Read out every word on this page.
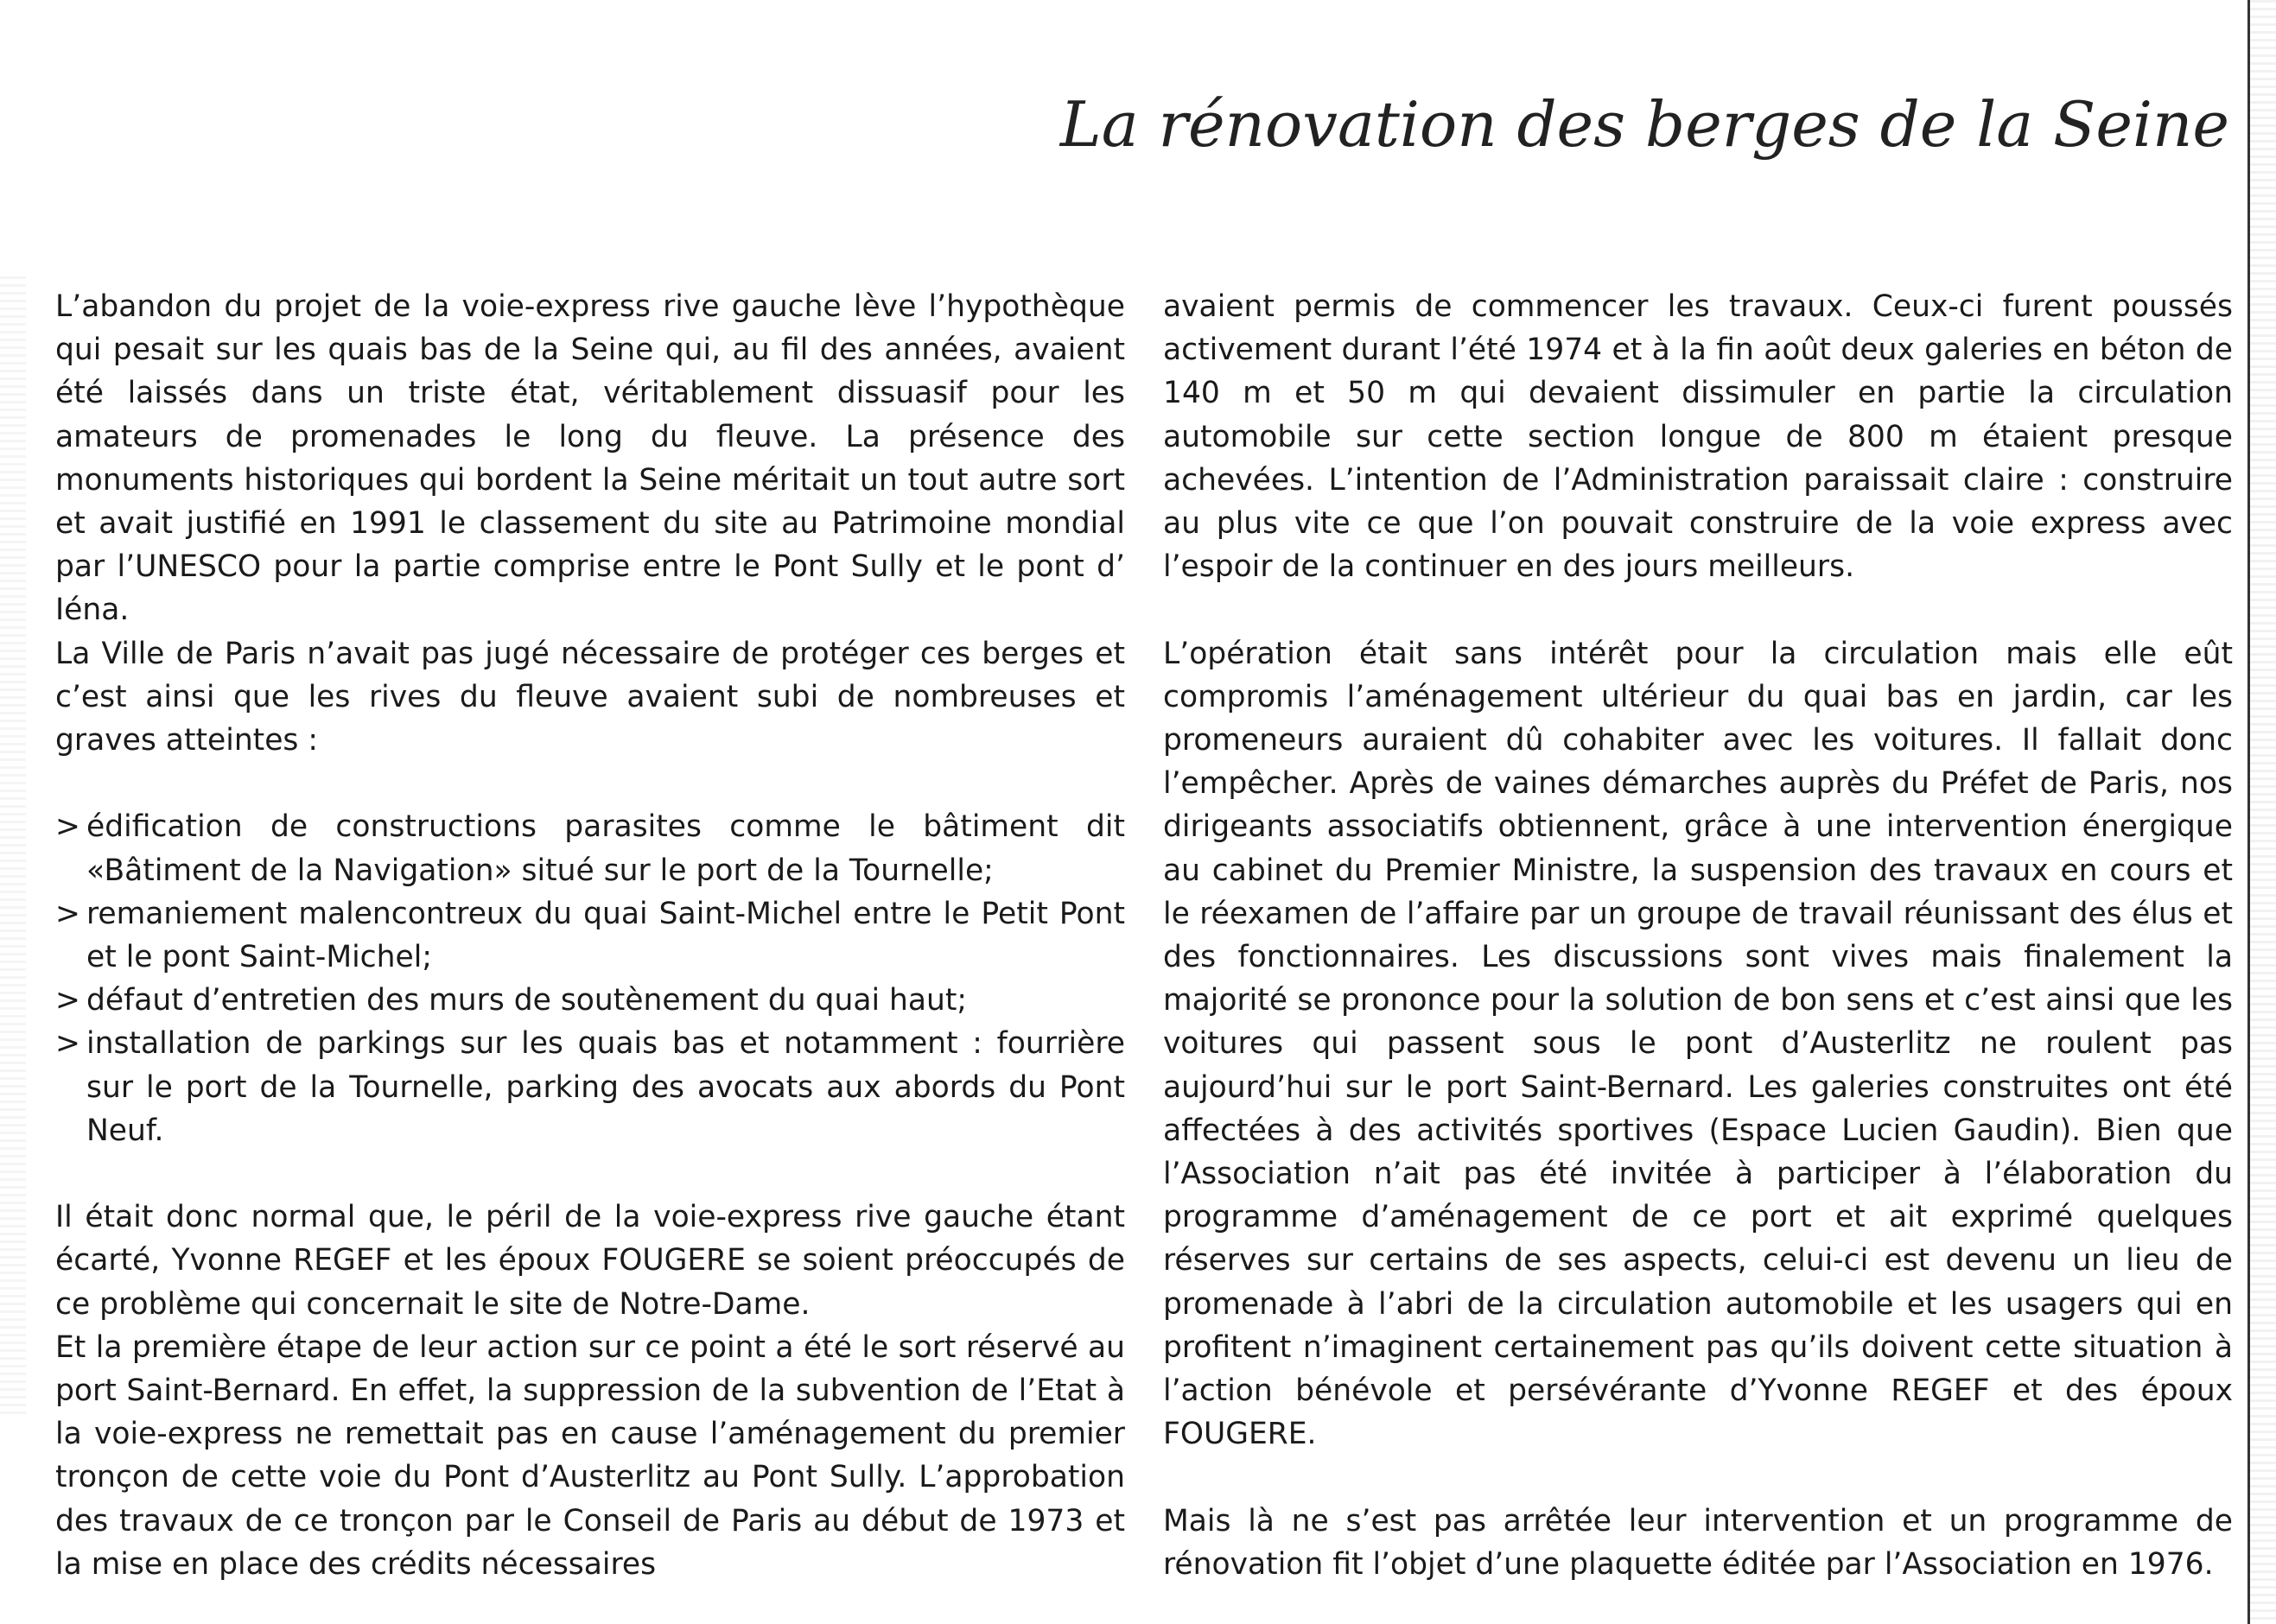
La rénovation des berges de la Seine

L’abandon du projet de la voie-express rive gauche lève l’hypothèque qui pesait sur les quais bas de la Seine qui, au fil des années, avaient été laissés dans un triste état, véritablement dissuasif pour les amateurs de promenades le long du fleuve. La présence des monuments historiques qui bordent la Seine méritait un tout autre sort et avait justifié en 1991 le classement du site au Patrimoine mondial par l’UNESCO pour la partie comprise entre le Pont Sully et le pont d’ Iéna.

La Ville de Paris n’avait pas jugé nécessaire de protéger ces berges et c’est ainsi que les rives du fleuve avaient subi de nombreuses et graves atteintes :

> édification de constructions parasites comme le bâtiment dit «Bâtiment de la Navigation» situé sur le port de la Tournelle;
> remaniement malencontreux du quai Saint-Michel entre le Petit Pont et le pont Saint-Michel;
> défaut d’entretien des murs de soutènement du quai haut;
> installation de parkings sur les quais bas et notamment : fourrière sur le port de la Tournelle, parking des avocats aux abords du Pont Neuf.

Il était donc normal que, le péril de la voie-express rive gauche étant écarté, Yvonne REGEF et les époux FOUGERE se soient préoccupés de ce problème qui concernait le site de Notre-Dame.

Et la première étape de leur action sur ce point a été le sort réservé au port Saint-Bernard. En effet, la suppression de la subvention de l’Etat à la voie-express ne remettait pas en cause l’aménagement du premier tronçon de cette voie du Pont d’Austerlitz au Pont Sully. L’approbation des travaux de ce tronçon par le Conseil de Paris au début de 1973 et la mise en place des crédits nécessaires

avaient permis de commencer les travaux. Ceux-ci furent poussés activement durant l’été 1974 et à la fin août deux galeries en béton de 140 m et 50 m qui devaient dissimuler en partie la circulation automobile sur cette section longue de 800 m étaient presque achevées. L’intention de l’Administration paraissait claire : construire au plus vite ce que l’on pouvait construire de la voie express avec l’espoir de la continuer en des jours meilleurs.

L’opération était sans intérêt pour la circulation mais elle eût compromis l’aménagement ultérieur du quai bas en jardin, car les promeneurs auraient dû cohabiter avec les voitures. Il fallait donc l’empêcher. Après de vaines démarches auprès du Préfet de Paris, nos dirigeants associatifs obtiennent, grâce à une intervention énergique au cabinet du Premier Ministre, la suspension des travaux en cours et le réexamen de l’affaire par un groupe de travail réunissant des élus et des fonctionnaires. Les discussions sont vives mais finalement la majorité se prononce pour la solution de bon sens et c’est ainsi que les voitures qui passent sous le pont d’Austerlitz ne roulent pas aujourd’hui sur le port Saint-Bernard. Les galeries construites ont été affectées à des activités sportives (Espace Lucien Gaudin). Bien que l’Association n’ait pas été invitée à participer à l’élaboration du programme d’aménagement de ce port et ait exprimé quelques réserves sur certains de ses aspects, celui-ci est devenu un lieu de promenade à l’abri de la circulation automobile et les usagers qui en profitent n’imaginent certainement pas qu’ils doivent cette situation à l’action bénévole et persévérante d’Yvonne REGEF et des époux FOUGERE.

Mais là ne s’est pas arrêtée leur intervention et un programme de rénovation fit l’objet d’une plaquette éditée par l’Association en 1976.
